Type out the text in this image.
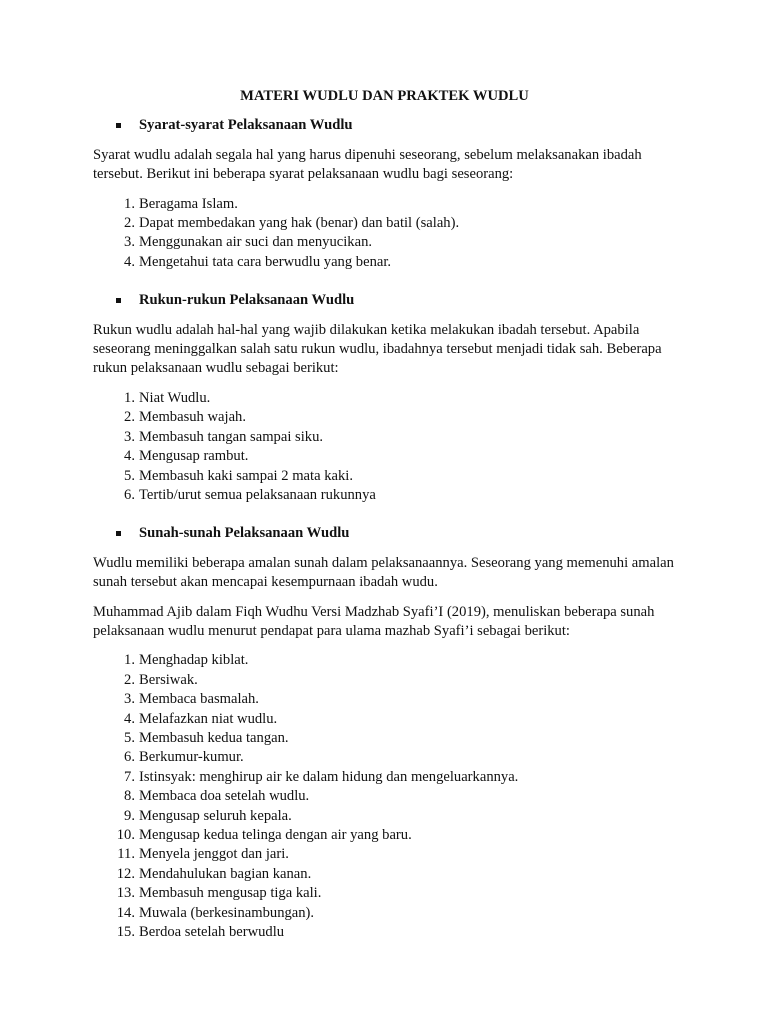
MATERI WUDLU DAN PRAKTEK WUDLU
Syarat-syarat Pelaksanaan Wudlu

Syarat wudlu adalah segala hal yang harus dipenuhi seseorang, sebelum melaksanakan ibadah tersebut. Berikut ini beberapa syarat pelaksanaan wudlu bagi seseorang:

1. Beragama Islam.
2. Dapat membedakan yang hak (benar) dan batil (salah).
3. Menggunakan air suci dan menyucikan.
4. Mengetahui tata cara berwudlu yang benar.
Rukun-rukun Pelaksanaan Wudlu

Rukun wudlu adalah hal-hal yang wajib dilakukan ketika melakukan ibadah tersebut. Apabila seseorang meninggalkan salah satu rukun wudlu, ibadahnya tersebut menjadi tidak sah. Beberapa rukun pelaksanaan wudlu sebagai berikut:

1. Niat Wudlu.
2. Membasuh wajah.
3. Membasuh tangan sampai siku.
4. Mengusap rambut.
5. Membasuh kaki sampai 2 mata kaki.
6. Tertib/urut semua pelaksanaan rukunnya
Sunah-sunah Pelaksanaan Wudlu

Wudlu memiliki beberapa amalan sunah dalam pelaksanaannya. Seseorang yang memenuhi amalan sunah tersebut akan mencapai kesempurnaan ibadah wudu.

Muhammad Ajib dalam Fiqh Wudhu Versi Madzhab Syafi’I (2019), menuliskan beberapa sunah pelaksanaan wudlu menurut pendapat para ulama mazhab Syafi’i sebagai berikut:

1. Menghadap kiblat.
2. Bersiwak.
3. Membaca basmalah.
4. Melafazkan niat wudlu.
5. Membasuh kedua tangan.
6. Berkumur-kumur.
7. Istinsyak: menghirup air ke dalam hidung dan mengeluarkannya.
8. Membaca doa setelah wudlu.
9. Mengusap seluruh kepala.
10. Mengusap kedua telinga dengan air yang baru.
11. Menyela jenggot dan jari.
12. Mendahulukan bagian kanan.
13. Membasuh mengusap tiga kali.
14. Muwala (berkesinambungan).
15. Berdoa setelah berwudlu
